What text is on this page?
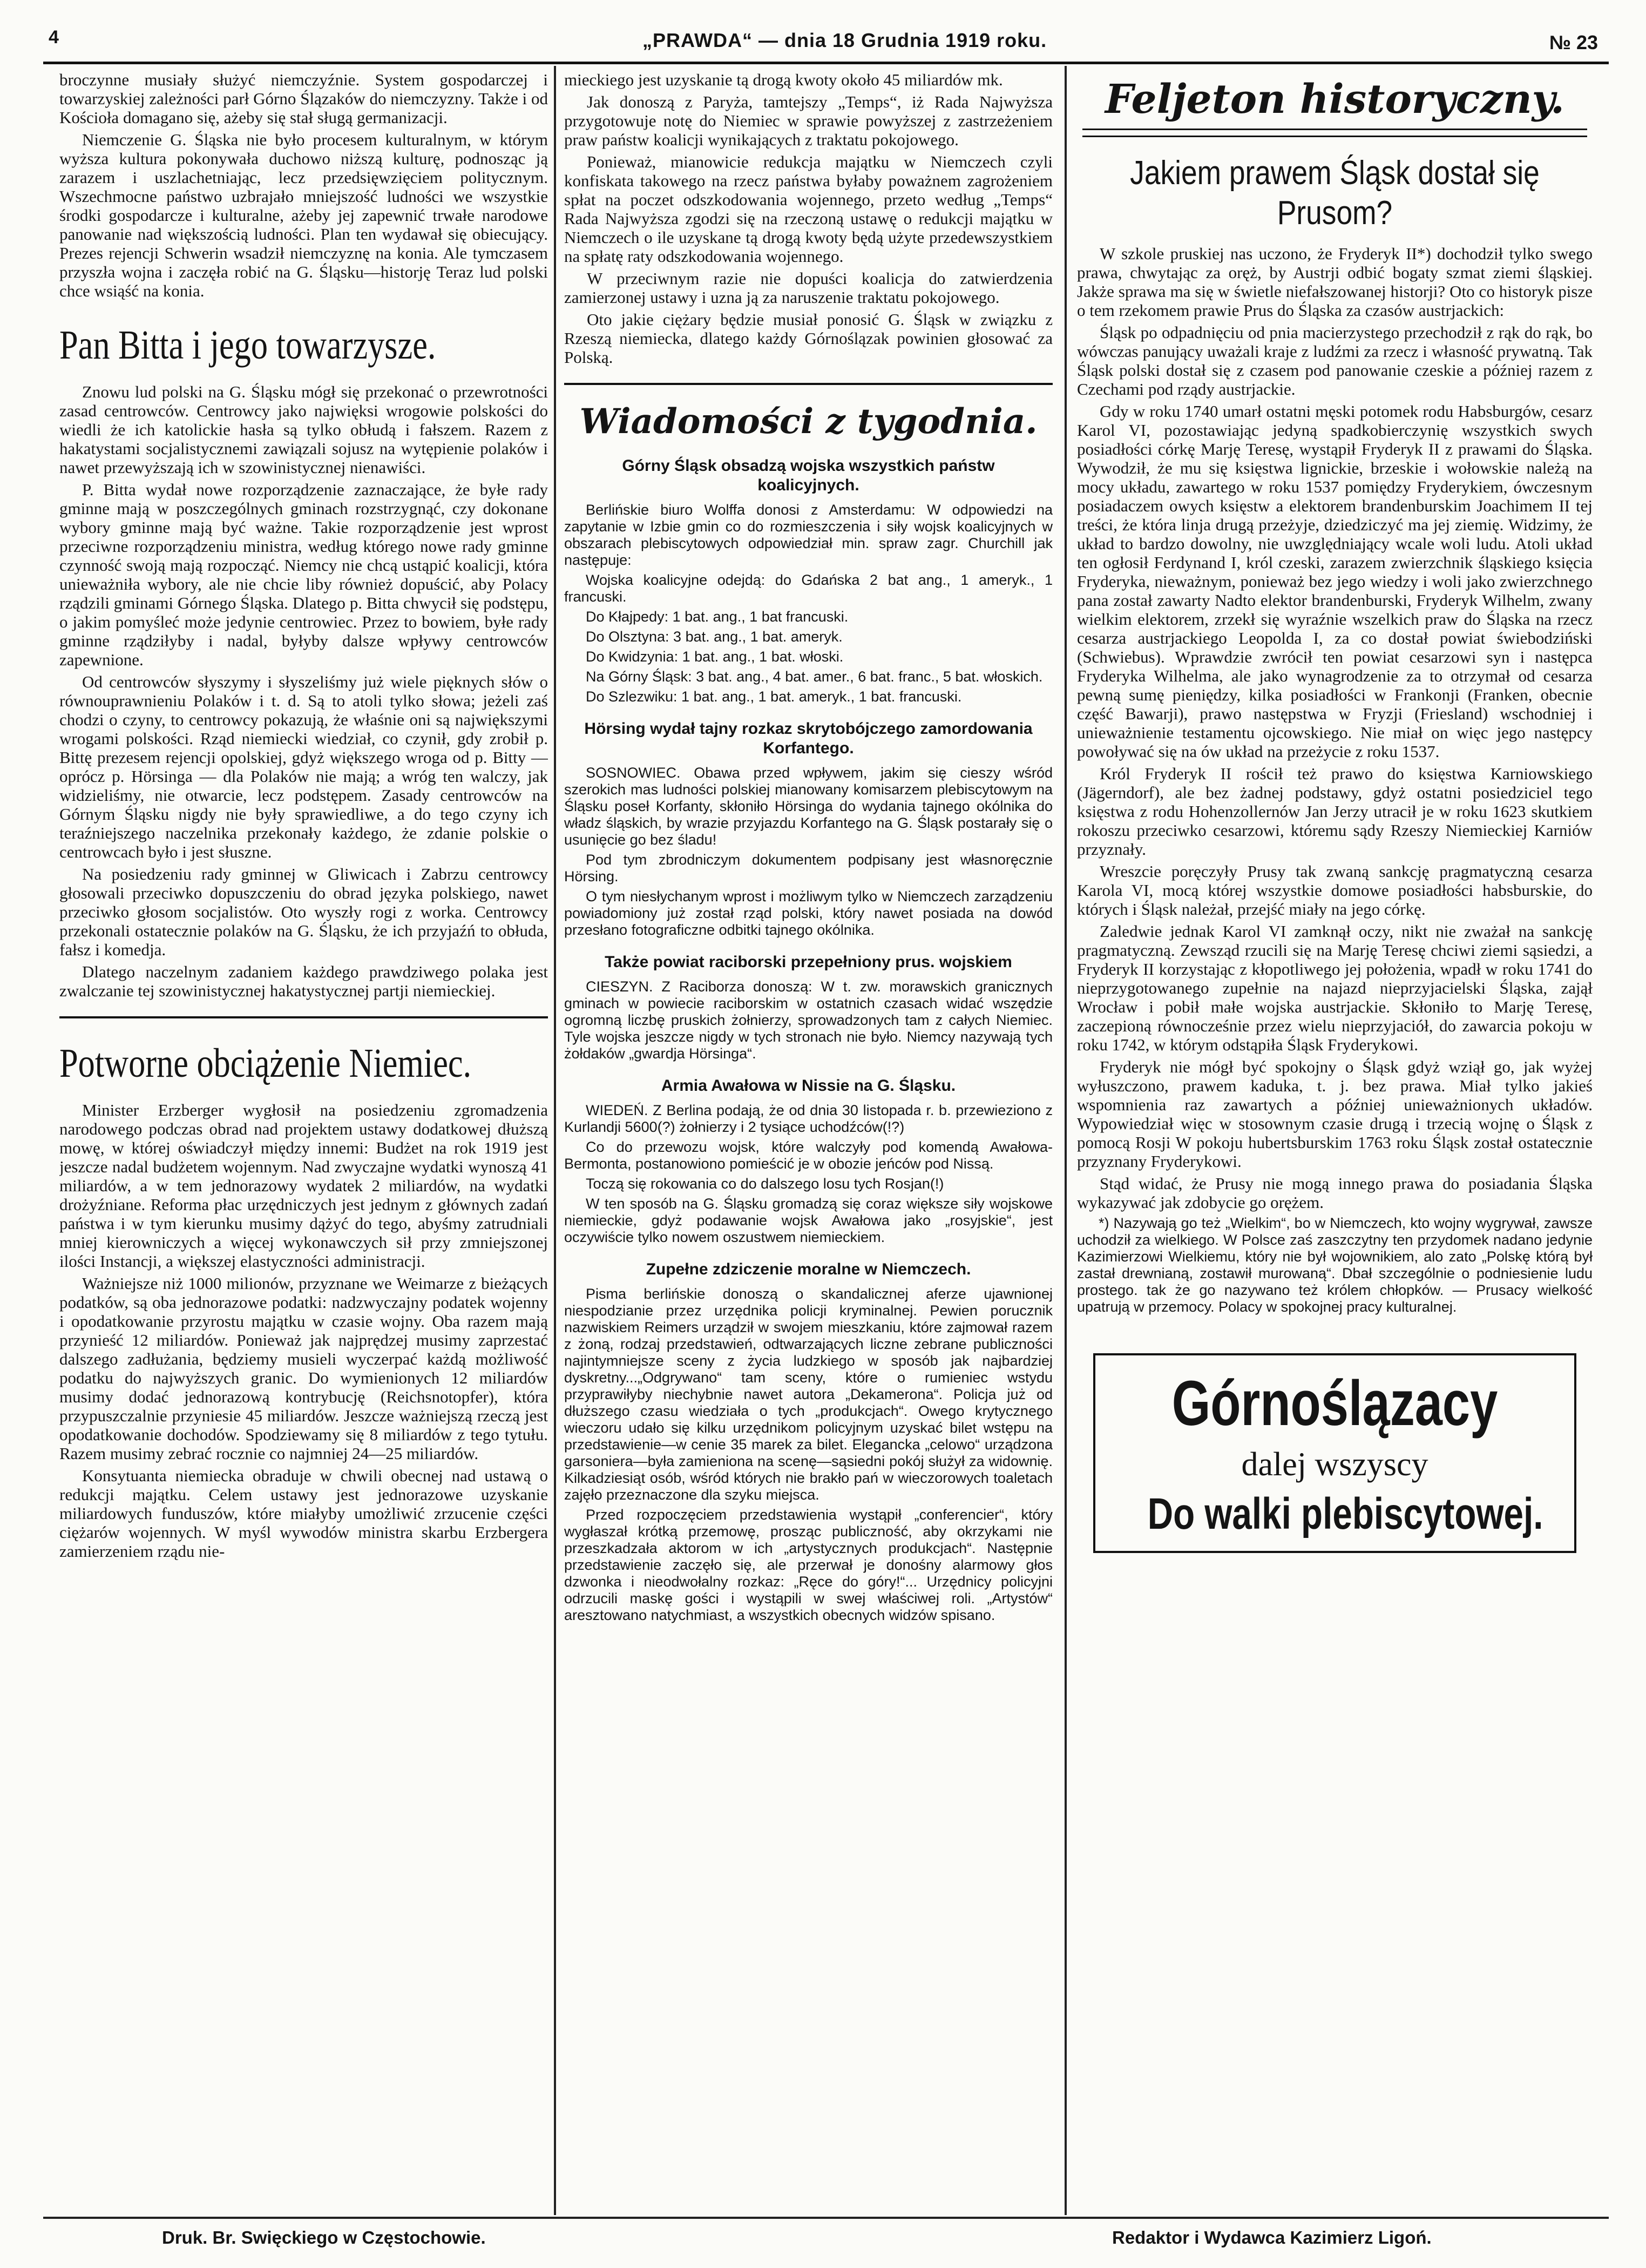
4	„PRAWDA“ — dnia 18 Grudnia 1919 roku.	№ 23

broczynne musiały służyć niemczyźnie. System gospodarczej i towarzyskiej zależności parł Górno Ślązaków do niemczyzny. Także i od Kościoła domagano się, ażeby się stał sługą germanizacji.

Niemczenie G. Śląska nie było procesem kulturalnym, w którym wyższa kultura pokonywała duchowo niższą kulturę, podnosząc ją zarazem i uszlachetniając, lecz przedsięwzięciem politycznym. Wszechmocne państwo uzbrajało mniejszość ludności we wszystkie środki gospodarcze i kulturalne, ażeby jej zapewnić trwałe narodowe panowanie nad większością ludności. Plan ten wydawał się obiecujący. Prezes rejencji Schwerin wsadził niemczyznę na konia. Ale tymczasem przyszła wojna i zaczęła robić na G. Śląsku—historję Teraz lud polski chce wsiąść na konia.

Pan Bitta i jego towarzysze.

Znowu lud polski na G. Śląsku mógł się przekonać o przewrotności zasad centrowców. Centrowcy jako najwięksi wrogowie polskości do wiedli że ich katolickie hasła są tylko obłudą i fałszem. Razem z hakatystami socjalistycznemi zawiązali sojusz na wytępienie polaków i nawet przewyższają ich w szowinistycznej nienawiści.

P. Bitta wydał nowe rozporządzenie zaznaczające, że byłe rady gminne mają w poszczególnych gminach rozstrzygnąć, czy dokonane wybory gminne mają być ważne. Takie rozporządzenie jest wprost przeciwne rozporządzeniu ministra, według którego nowe rady gminne czynność swoją mają rozpocząć. Niemcy nie chcą ustąpić koalicji, która unieważniła wybory, ale nie chcie liby również dopuścić, aby Polacy rządzili gminami Górnego Śląska. Dlatego p. Bitta chwycił się podstępu, o jakim pomyśleć może jedynie centrowiec. Przez to bowiem, byłe rady gminne rządziłyby i nadal, byłyby dalsze wpływy centrowców zapewnione.

Od centrowców słyszymy i słyszeliśmy już wiele pięknych słów o równouprawnieniu Polaków i t. d. Są to atoli tylko słowa; jeżeli zaś chodzi o czyny, to centrowcy pokazują, że właśnie oni są największymi wrogami polskości. Rząd niemiecki wiedział, co czynił, gdy zrobił p. Bittę prezesem rejencji opolskiej, gdyż większego wroga od p. Bitty — oprócz p. Hörsinga — dla Polaków nie mają; a wróg ten walczy, jak widzieliśmy, nie otwarcie, lecz podstępem. Zasady centrowców na Górnym Śląsku nigdy nie były sprawiedliwe, a do tego czyny ich teraźniejszego naczelnika przekonały każdego, że zdanie polskie o centrowcach było i jest słuszne.

Na posiedzeniu rady gminnej w Gliwicach i Zabrzu centrowcy głosowali przeciwko dopuszczeniu do obrad języka polskiego, nawet przeciwko głosom socjalistów. Oto wyszły rogi z worka. Centrowcy przekonali ostatecznie polaków na G. Śląsku, że ich przyjaźń to obłuda, fałsz i komedja.

Dlatego naczelnym zadaniem każdego prawdziwego polaka jest zwalczanie tej szowinistycznej hakatystycznej partji niemieckiej.

Potworne obciążenie Niemiec.

Minister Erzberger wygłosił na posiedzeniu zgromadzenia narodowego podczas obrad nad projektem ustawy dodatkowej dłuższą mowę, w której oświadczył między innemi: Budżet na rok 1919 jest jeszcze nadal budżetem wojennym. Nad zwyczajne wydatki wynoszą 41 miliardów, a w tem jednorazowy wydatek 2 miliardów, na wydatki drożyźniane. Reforma płac urzędniczych jest jednym z głównych zadań państwa i w tym kierunku musimy dążyć do tego, abyśmy zatrudniali mniej kierowniczych a więcej wykonawczych sił przy zmniejszonej ilości Instancji, a większej elastyczności administracji.

Ważniejsze niż 1000 milionów, przyznane we Weimarze z bieżących podatków, są oba jednorazowe podatki: nadzwyczajny podatek wojenny i opodatkowanie przyrostu majątku w czasie wojny. Oba razem mają przynieść 12 miliardów. Ponieważ jak najprędzej musimy zaprzestać dalszego zadłużania, będziemy musieli wyczerpać każdą możliwość podatku do najwyższych granic. Do wymienionych 12 miliardów musimy dodać jednorazową kontrybucję (Reichsnotopfer), która przypuszczalnie przyniesie 45 miliardów. Jeszcze ważniejszą rzeczą jest opodatkowanie dochodów. Spodziewamy się 8 miliardów z tego tytułu. Razem musimy zebrać rocznie co najmniej 24—25 miliardów.

Konsytuanta niemiecka obraduje w chwili obecnej nad ustawą o redukcji majątku. Celem ustawy jest jednorazowe uzyskanie miliardowych funduszów, które miałyby umożliwić zrzucenie części ciężarów wojennych. W myśl wywodów ministra skarbu Erzbergera zamierzeniem rządu nie-

mieckiego jest uzyskanie tą drogą kwoty około 45 miliardów mk.

Jak donoszą z Paryża, tamtejszy „Temps“, iż Rada Najwyższa przygotowuje notę do Niemiec w sprawie powyższej z zastrzeżeniem praw państw koalicji wynikających z traktatu pokojowego.

Ponieważ, mianowicie redukcja majątku w Niemczech czyli konfiskata takowego na rzecz państwa byłaby poważnem zagrożeniem spłat na poczet odszkodowania wojennego, przeto według „Temps“ Rada Najwyższa zgodzi się na rzeczoną ustawę o redukcji majątku w Niemczech o ile uzyskane tą drogą kwoty będą użyte przedewszystkiem na spłatę raty odszkodowania wojennego.

W przeciwnym razie nie dopuści koalicja do zatwierdzenia zamierzonej ustawy i uzna ją za naruszenie traktatu pokojowego.

Oto jakie ciężary będzie musiał ponosić G. Śląsk w związku z Rzeszą niemiecka, dlatego każdy Górnoślązak powinien głosować za Polską.

Wiadomości z tygodnia.
Górny Śląsk obsadzą wojska wszystkich państw koalicyjnych.

Berlińskie biuro Wolffa donosi z Amsterdamu: W odpowiedzi na zapytanie w Izbie gmin co do rozmieszczenia i siły wojsk koalicyjnych w obszarach plebiscytowych odpowiedział min. spraw zagr. Churchill jak następuje:

Wojska koalicyjne odejdą: do Gdańska 2 bat ang., 1 ameryk., 1 francuski.

Do Kłajpedy: 1 bat. ang., 1 bat francuski.

Do Olsztyna: 3 bat. ang., 1 bat. ameryk.

Do Kwidzynia: 1 bat. ang., 1 bat. włoski.

Na Górny Śląsk: 3 bat. ang., 4 bat. amer., 6 bat. franc., 5 bat. włoskich.

Do Szlezwiku: 1 bat. ang., 1 bat. ameryk., 1 bat. francuski.

Hörsing wydał tajny rozkaz skrytobójczego zamordowania Korfantego.

SOSNOWIEC. Obawa przed wpływem, jakim się cieszy wśród szerokich mas ludności polskiej mianowany komisarzem plebiscytowym na Śląsku poseł Korfanty, skłoniło Hörsinga do wydania tajnego okólnika do władz śląskich, by wrazie przyjazdu Korfantego na G. Śląsk postarały się o usunięcie go bez śladu!

Pod tym zbrodniczym dokumentem podpisany jest własnoręcznie Hörsing.

O tym niesłychanym wprost i możliwym tylko w Niemczech zarządzeniu powiadomiony już został rząd polski, który nawet posiada na dowód przesłano fotograficzne odbitki tajnego okólnika.

Także powiat raciborski przepełniony prus. wojskiem

CIESZYN. Z Raciborza donoszą: W t. zw. morawskich granicznych gminach w powiecie raciborskim w ostatnich czasach widać wszędzie ogromną liczbę pruskich żołnierzy, sprowadzonych tam z całych Niemiec. Tyle wojska jeszcze nigdy w tych stronach nie było. Niemcy nazywają tych żołdaków „gwardja Hörsinga“.

Armia Awałowa w Nissie na G. Śląsku.

WIEDEŃ. Z Berlina podają, że od dnia 30 listopada r. b. przewieziono z Kurlandji 5600(?) żołnierzy i 2 tysiące uchodźców(!?)

Co do przewozu wojsk, które walczyły pod komendą Awałowa-Bermonta, postanowiono pomieścić je w obozie jeńców pod Nissą.

Toczą się rokowania co do dalszego losu tych Rosjan(!)

W ten sposób na G. Śląsku gromadzą się coraz większe siły wojskowe niemieckie, gdyż podawanie wojsk Awałowa jako „rosyjskie“, jest oczywiście tylko nowem oszustwem niemieckiem.

Zupełne zdziczenie moralne w Niemczech.

Pisma berlińskie donoszą o skandalicznej aferze ujawnionej niespodzianie przez urzędnika policji kryminalnej. Pewien porucznik nazwiskiem Reimers urządził w swojem mieszkaniu, które zajmował razem z żoną, rodzaj przedstawień, odtwarzających liczne zebrane publiczności najintymniejsze sceny z życia ludzkiego w sposób jak najbardziej dyskretny...„Odgrywano“ tam sceny, które o rumieniec wstydu przyprawiłyby niechybnie nawet autora „Dekamerona“. Policja już od dłuższego czasu wiedziała o tych „produkcjach“. Owego krytycznego wieczoru udało się kilku urzędnikom policyjnym uzyskać bilet wstępu na przedstawienie—w cenie 35 marek za bilet. Elegancka „celowo“ urządzona garsoniera—była zamieniona na scenę—sąsiedni pokój służył za widownię. Kilkadziesiąt osób, wśród których nie brakło pań w wieczorowych toaletach zajęło przeznaczone dla szyku miejsca.

Przed rozpoczęciem przedstawienia wystąpił „conferencier“, który wygłaszał krótką przemowę, prosząc publiczność, aby okrzykami nie przeszkadzała aktorom w ich „artystycznych produkcjach“. Następnie przedstawienie zaczęło się, ale przerwał je donośny alarmowy głos dzwonka i nieodwołalny rozkaz: „Ręce do góry!“... Urzędnicy policyjni odrzucili maskę gości i wystąpili w swej właściwej roli. „Artystów“ aresztowano natychmiast, a wszystkich obecnych widzów spisano.

Feljeton historyczny.
Jakiem prawem Śląsk dostał się Prusom?

W szkole pruskiej nas uczono, że Fryderyk II*) dochodził tylko swego prawa, chwytając za oręż, by Austrji odbić bogaty szmat ziemi śląskiej. Jakże sprawa ma się w świetle niefałszowanej historji? Oto co historyk pisze o tem rzekomem prawie Prus do Śląska za czasów austrjackich:

Śląsk po odpadnięciu od pnia macierzystego przechodził z rąk do rąk, bo wówczas panujący uważali kraje z ludźmi za rzecz i własność prywatną. Tak Śląsk polski dostał się z czasem pod panowanie czeskie a później razem z Czechami pod rządy austrjackie.

Gdy w roku 1740 umarł ostatni męski potomek rodu Habsburgów, cesarz Karol VI, pozostawiając jedyną spadkobierczynię wszystkich swych posiadłości córkę Marję Teresę, wystąpił Fryderyk II z prawami do Śląska. Wywodził, że mu się księstwa lignickie, brzeskie i wołowskie należą na mocy układu, zawartego w roku 1537 pomiędzy Fryderykiem, ówczesnym posiadaczem owych księstw a elektorem brandenburskim Joachimem II tej treści, że która linja drugą przeżyje, dziedziczyć ma jej ziemię. Widzimy, że układ to bardzo dowolny, nie uwzględniający wcale woli ludu. Atoli układ ten ogłosił Ferdynand I, król czeski, zarazem zwierzchnik śląskiego księcia Fryderyka, nieważnym, ponieważ bez jego wiedzy i woli jako zwierzchnego pana został zawarty Nadto elektor brandenburski, Fryderyk Wilhelm, zwany wielkim elektorem, zrzekł się wyraźnie wszelkich praw do Śląska na rzecz cesarza austrjackiego Leopolda I, za co dostał powiat świebodziński (Schwiebus). Wprawdzie zwrócił ten powiat cesarzowi syn i następca Fryderyka Wilhelma, ale jako wynagrodzenie za to otrzymał od cesarza pewną sumę pieniędzy, kilka posiadłości w Frankonji (Franken, obecnie część Bawarji), prawo następstwa w Fryzji (Friesland) wschodniej i unieważnienie testamentu ojcowskiego. Nie miał on więc jego następcy powoływać się na ów układ na przeżycie z roku 1537.

Król Fryderyk II rościł też prawo do księstwa Karniowskiego (Jägerndorf), ale bez żadnej podstawy, gdyż ostatni posiedziciel tego księstwa z rodu Hohenzollernów Jan Jerzy utracił je w roku 1623 skutkiem rokoszu przeciwko cesarzowi, któremu sądy Rzeszy Niemieckiej Karniów przyznały.

Wreszcie poręczyły Prusy tak zwaną sankcję pragmatyczną cesarza Karola VI, mocą której wszystkie domowe posiadłości habsburskie, do których i Śląsk należał, przejść miały na jego córkę.

Zaledwie jednak Karol VI zamknął oczy, nikt nie zważał na sankcję pragmatyczną. Zewsząd rzucili się na Marję Teresę chciwi ziemi sąsiedzi, a Fryderyk II korzystając z kłopotliwego jej położenia, wpadł w roku 1741 do nieprzygotowanego zupełnie na najazd nieprzyjacielski Śląska, zajął Wrocław i pobił małe wojska austrjackie. Skłoniło to Marję Teresę, zaczepioną równocześnie przez wielu nieprzyjaciół, do zawarcia pokoju w roku 1742, w którym odstąpiła Śląsk Fryderykowi.

Fryderyk nie mógł być spokojny o Śląsk gdyż wziął go, jak wyżej wyłuszczono, prawem kaduka, t. j. bez prawa. Miał tylko jakieś wspomnienia raz zawartych a później unieważnionych układów. Wypowiedział więc w stosownym czasie drugą i trzecią wojnę o Śląsk z pomocą Rosji W pokoju hubertsburskim 1763 roku Śląsk został ostatecznie przyznany Fryderykowi.

Stąd widać, że Prusy nie mogą innego prawa do posiadania Śląska wykazywać jak zdobycie go orężem.

*) Nazywają go też „Wielkim“, bo w Niemczech, kto wojny wygrywał, zawsze uchodził za wielkiego. W Polsce zaś zaszczytny ten przydomek nadano jedynie Kazimierzowi Wielkiemu, który nie był wojownikiem, alo zato „Polskę którą był zastał drewnianą, zostawił murowaną“. Dbał szczególnie o podniesienie ludu prostego. tak że go nazywano też królem chłopków. — Prusacy wielkość upatrują w przemocy. Polacy w spokojnej pracy kulturalnej.

Górnoślązacy
dalej wszyscy
Do walki plebiscytowej.
Druk. Br. Swięckiego w Częstochowie.	Redaktor i Wydawca Kazimierz Ligoń.
